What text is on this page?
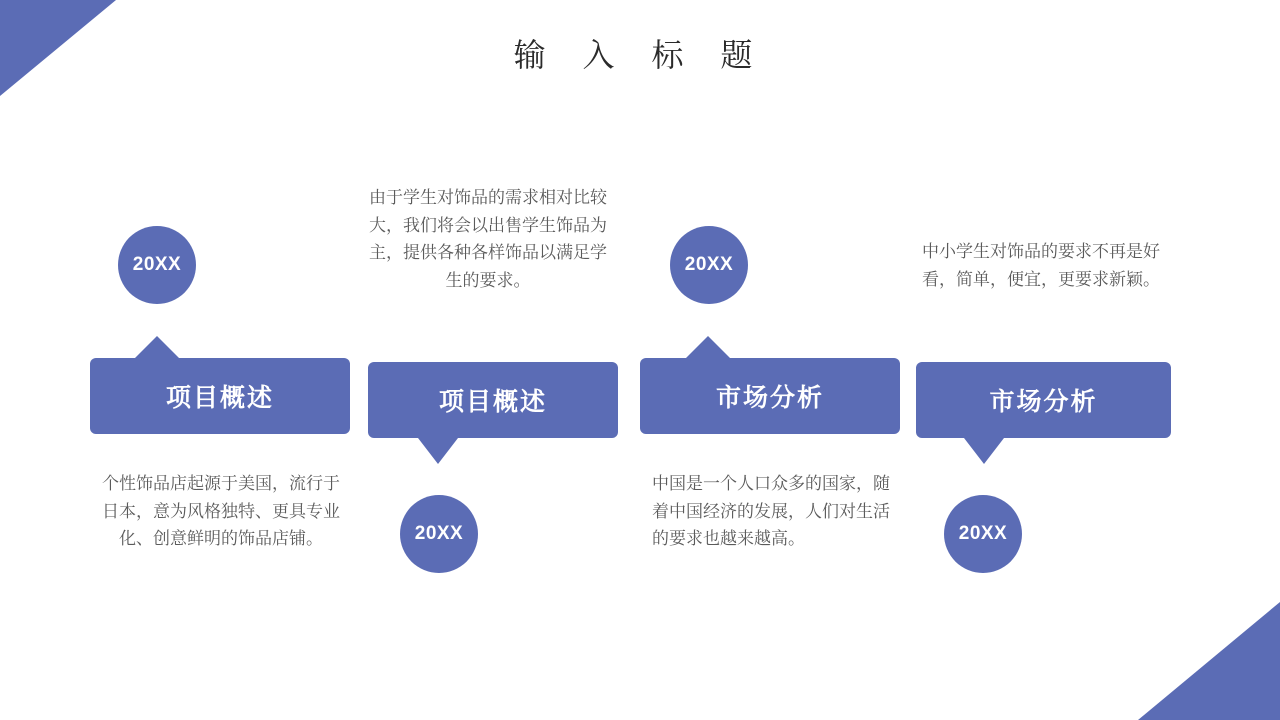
输 入 标 题
20XX
项目概述
个性饰品店起源于美国，流行于日本，意为风格独特、更具专业化、创意鲜明的饰品店铺。
由于学生对饰品的需求相对比较大，我们将会以出售学生饰品为主，提供各种各样饰品以满足学生的要求。
项目概述
20XX
20XX
市场分析
中国是一个人口众多的国家，随着中国经济的发展，人们对生活的要求也越来越高。
中小学生对饰品的要求不再是好看，简单，便宜，更要求新颖。
市场分析
20XX
